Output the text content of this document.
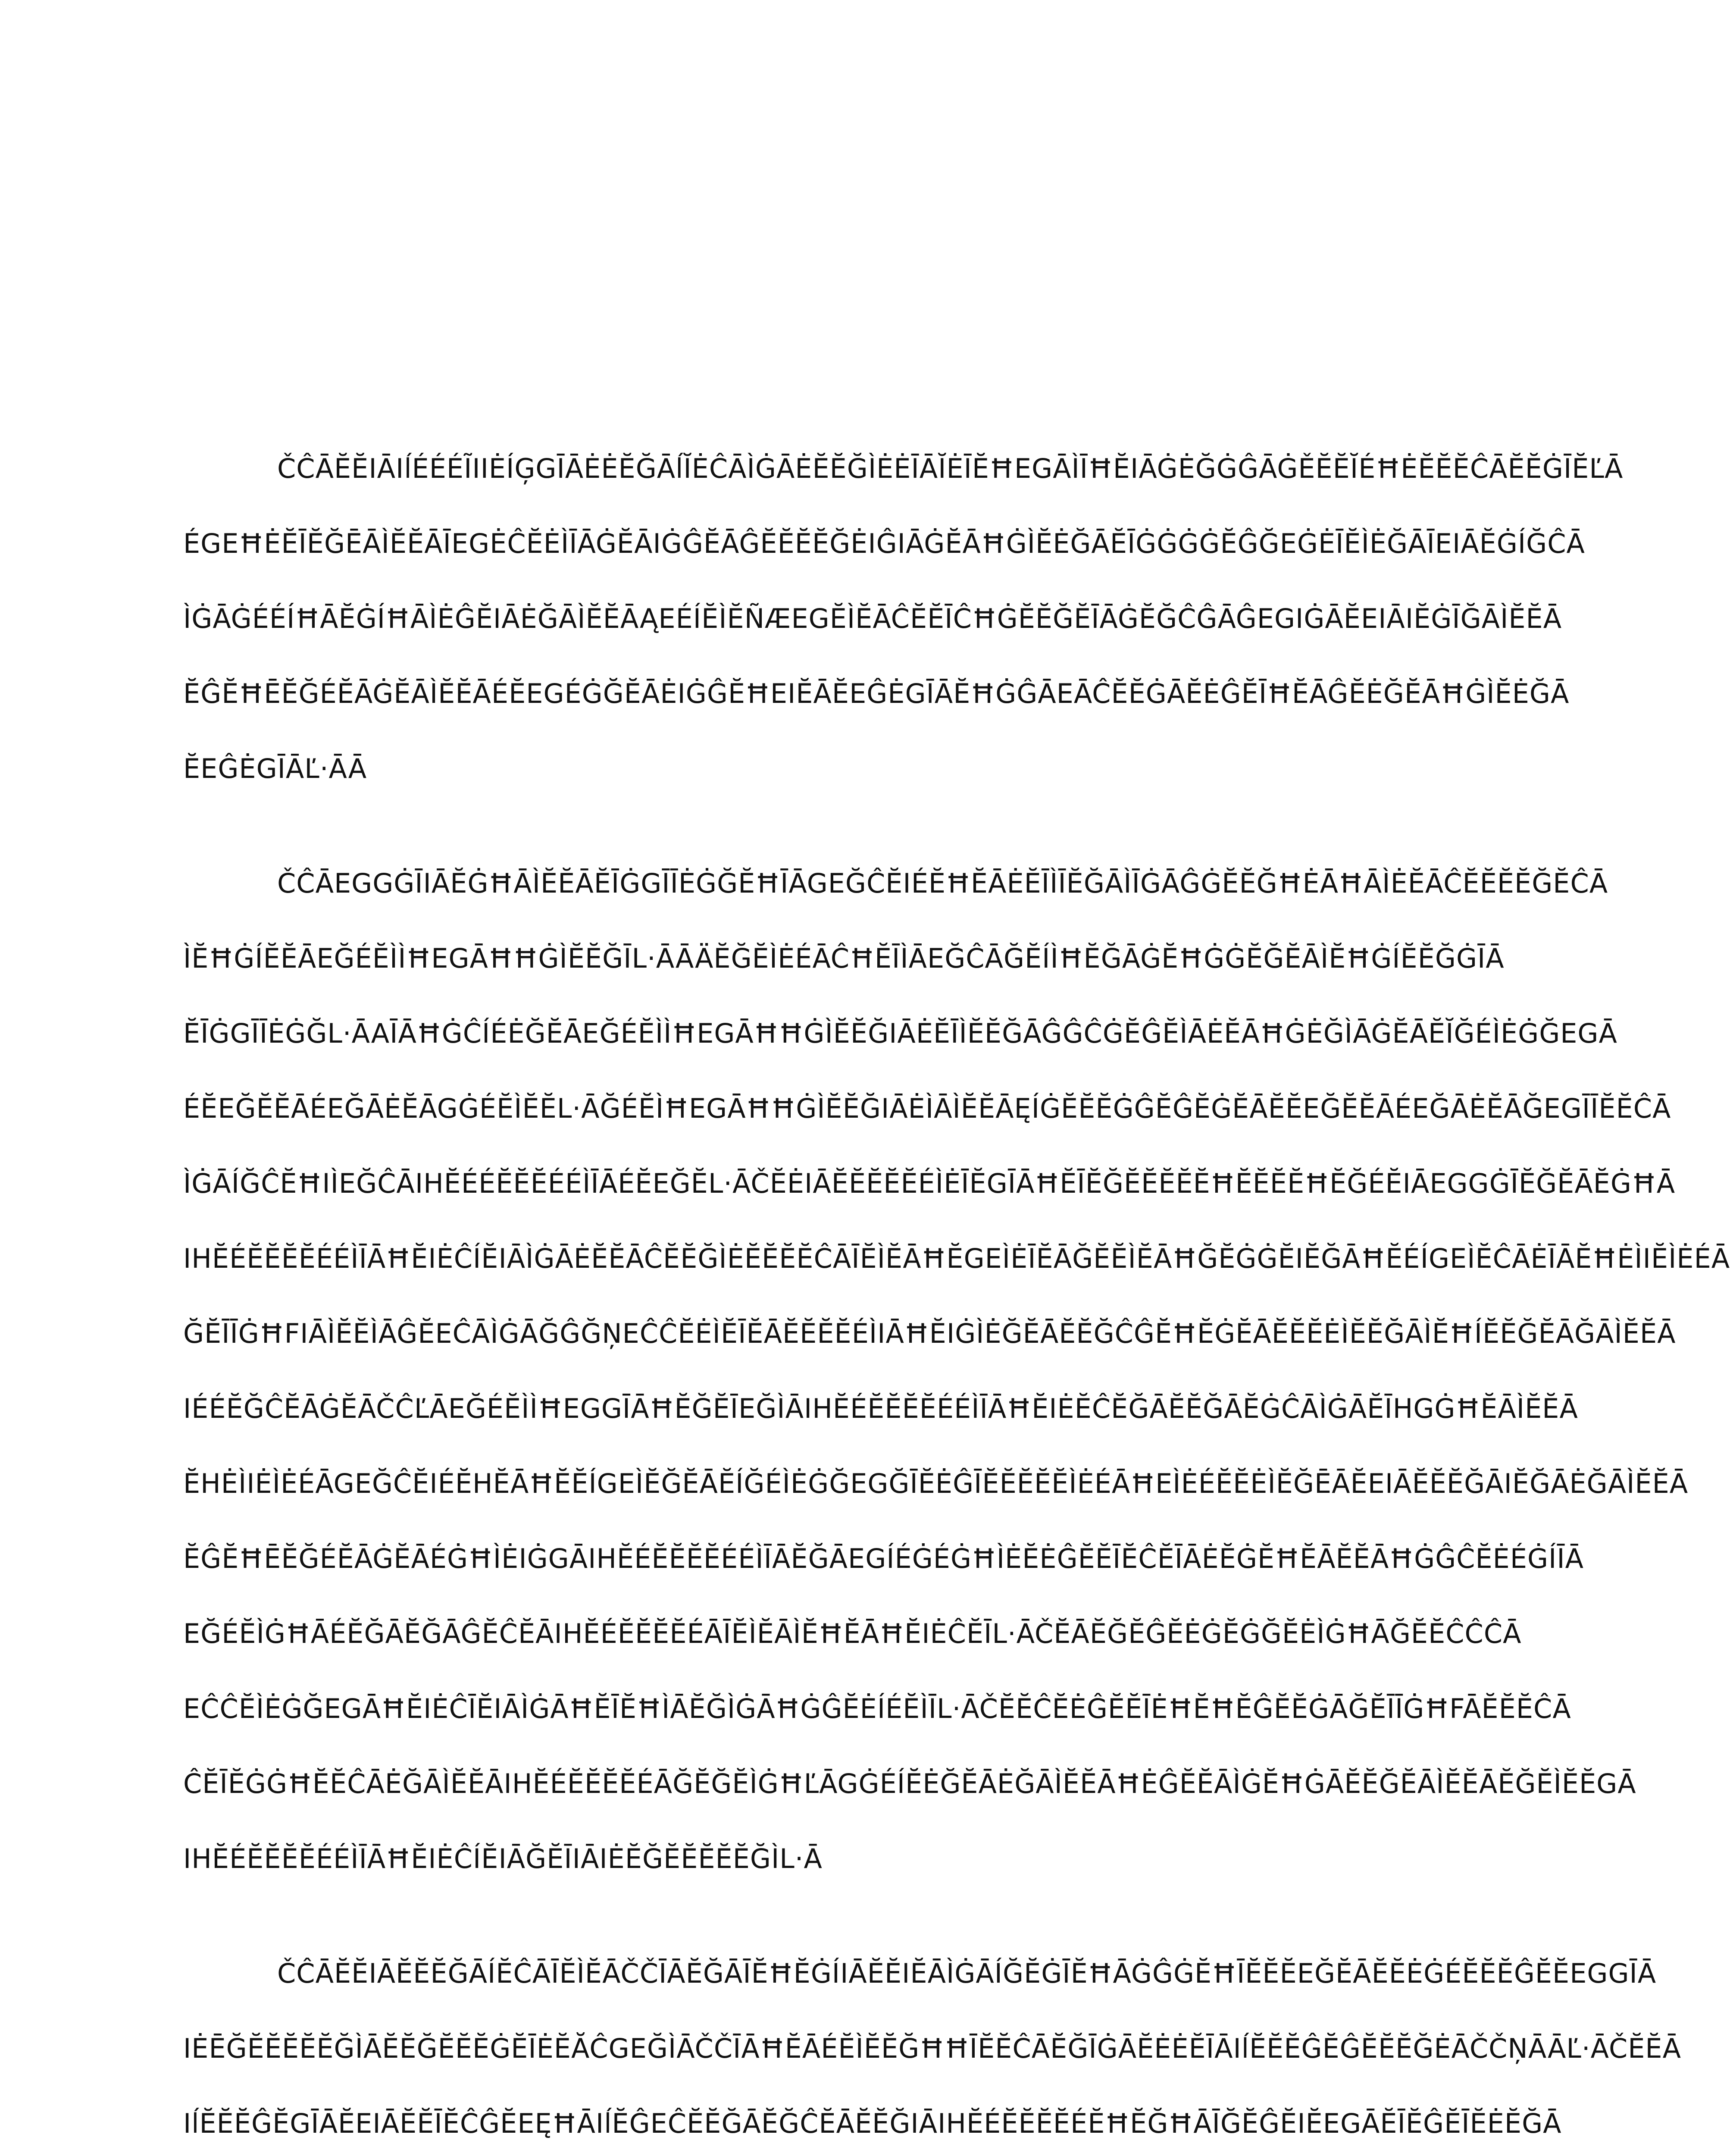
ČĈĀĔĔIĀIĺÉÉÉĨIIĖÍĢGĪĀĖĖĔĞĀĺĬĖĈĀÌĠĀĖĔĔĞÌĖĖĪĀĬĖĪĔĦEGĀÌĪĦĔIĀĠĖĞĠĜĀĠĚĔĔĬÉĦĖĔĔĔĈĀĔĔĠĪĔĽĀ
ÉGEĦĖĔĪĔĞĒĀÌĔĔĀĪEGĖĈĔĖÌĪĀĠĔĀIĠĜĔĀĜĔĔĔĔĞĖIĜIĀĠĔĀĦĠÌĔĖĞĀĔĪĠĠĠĠĔĜĞEĠĖĪĔÌĖĞĀĪEIĀĔĠÍĞĈĀ
ÌĠĀĠÉÉÍĦĀĔĠÍĦĀÌĖĜĔIĀĖĞĀÌĔĔĀĄEÉÍĔÌĔÑÆEGĔÌĔĀĈĔĔĪĈĦĠĔĔĞĔĪĀĠĔĞĈĜĀĜEGIĠĀĔEIĀIĔĠĪĞĀÌĔĔĀ
ĔĜĔĦĒĔĞÉĔĀĠĔĀÌĔĔĀÉĔEGÉĠĞĔĀĖIĠĜĔĦEIĔĀĔEĜĖGĪĀĔĦĠĜĀEĀĈĔĔĠĀĔĖĜĔĪĦĔĀĜĔĖĞĔĀĦĠÌĔĖĞĀ
ĔEĜĖGĪĀĽ·ĀĀ

ČĈĀEGGĠĪIĀĔĠĦĀÌĔĔĀĔĪĠGĪĪĖĠĞĔĦĪĀGEĞĈĔIÉĔĦĔĀĖĔĪÌĪĔĞĀÌĪĠĀĜĠĔĔĞĦĖĀĦĀÌĖĔĀĈĔĔĔĔĞĔĈĀ
ÌĔĦĠÍĔĔĀEĞÉĔÌÌĦEGĀĦĦĠÌĔĔĞĪL·ĀĀÄĔĞĔÌĖÉĀĈĦĔĪÌĀEĞĈĀĞĔÍÌĦĔĞĀĠĔĦĠĠĔĞĔĀÌĔĦĠÍĔĔĞĠĪĀ
ĔĪĠGĪĪĖĠĞL·ĀAĪĀĦĠĈÍÉĖĞĔĀEĞÉĔÌÌĦEGĀĦĦĠÌĔĔĞIĀĖĔĪÌĔĔĞĀĜĜĈĠĔĜĔÌĀĖĔĀĦĠĖĞÌĀĠĔĀĔĬĞÉÌĖĠĞEGĀ
ÉĔEĞĔĔĀÉEĞĀĖĔĀGĠÉĔÌĔĔL·ĀĞÉĔÌĦEGĀĦĦĠÌĔĔĞIĀĖÌĀÌĔĔĀĘÍĠĔĔĔĠĜĔĜĔĠĔĀĔĔEĞĔĔĀÉEĞĀĖĔĀĞEGĪĪĔĔĈĀ
ÌĠĀÍĞĈĔĦIÌEĞĈĀIHĔÉÉĔĔĔÉÉÌĪĀÉĔEĞĔL·ĀČĔĖIĀĔĔĔĔĔÉÌĖĪĔGĪĀĦĔĪĔĞĔĔĔĔĔĦĔĔĔĔĦĔĞÉĔIĀEGGĠĪĔĞĔĀĔĠĦĀ
IHĔÉĔĔĔĔÉÉÌĪĀĦĔIĖĈÍĔIĀÌĠĀĖĔĔĀĈĔĔĞÌĖĔĔĔĔĈĀĪĔÌĔĀĦĔGEÌĖĪĔĀĞĔĔÌĔĀĦĞĔĠĠĔIĔĞĀĦĔÉÍGEÌĔĈĀĖĪĀĔĦĖÌIĔÌĖÉĀ
ĞĔĪĪĠĦFIĀÌĔĔÌĀĜĔEĈĀÌĠĀĞĜĞŅEĈĈĔĖÌĔĪĔĀĔĔĔĔÉÌIĀĦĔIĠÌĖĞĔĀĔĔĞĈĜĔĦĔĠĔĀĔĔĔĖÌĔĔĞĀÌĔĦÍĔĔĞĔĀĞĀÌĔĔĀ
IÉÉĔĞĈĔĀĠĔĀČĈĽĀEĞÉĔÌÌĦEGGĪĀĦĔĞĔĪEĞÌĀIHĔÉĔĔĔĔÉÉÌĪĀĦĔIĖĔĈĔĞĀĔĔĞĀĔĠĈĀÌĠĀĔĪHGĠĦĔĀÌĔĔĀ
ĔHĖÌIĖÌĖÉĀGEĞĈĔIÉĔHĔĀĦĔĔÍGEÌĔĞĔĀĔÍĞÉÌĖĠĞEGĞĪĔĖĜĪĔĔĔĔĔÌĖÉĀĦEÌĖÉĔĔĖÌĔĞĒĀĔEIĀĔĔĔĞĀIĔĞĀĖĞĀÌĔĔĀ
ĔĜĔĦĒĔĞÉĔĀĠĔĀÉĠĦÌĖIĠGĀIHĔÉĔĔĔĔÉÉÌĪĀĔĞĀEGÍÉĠÉĠĦÌĖĔĖĜĔĔĪĔĈĔĪĀĖĔĠĔĦĔĀĔĔĀĦĠĜĈĔĖÉĠÍĪĀ
EĞÉĔÌĠĦĀÉĔĞĀĔĞĀĜĔĈĔĀIHĔÉĔĔĔĔÉĀĪĔÌĔĀÌĔĦĔĀĦĔIĖĈĔĪL·ĀČĔĀĔĞĔĜĔĖĠĔĠĞĔĖÌĠĦĀĞĔĔĈĈĈĀ
EĈĈĔÌĖĠĞEGĀĦĔIĖĈĪĔIĀÌĠĀĦĔĪĔĦÌĀĔĞÌĠĀĦĠĜĔĖÍÉĔÌĪL·ĀČĔĔĈĔĖĜĔĔĪĖĦĔĦĔĜĔĔĠĀĞĔĪĪĠĦFĀĔĔĔĈĀ
ĈĔĪĔĠĠĦĔĔĈĀĖĞĀÌĔĔĀIHĔÉĔĔĔĔÉĀĞĔĞĔÌĠĦĽĀGĠÉÍĔĖĞĔĀĖĞĀÌĔĔĀĦĖĜĔĔĀÌĠĔĦĠĀĔĔĞĔĀÌĔĔĀĔĞĔÌĔĔGĀ
IHĔÉĔĔĔĔÉÉÌĪĀĦĔIĖĈÍĔIĀĞĔĪIĀIĖĔĞĔĔĔĔĔĞÌL·Ā

ČĈĀĔĔIĀĔĔĔĞĀÍĔĈĀĪĔÌĔĀČČĪĀĔĞĀĪĔĦĔĠÍIĀĔĔIĔĀÌĠĀÍĞĔĠĪĔĦĀĠĜĠĔĦĪĔĔĔEĞĔĀĔĔĖĠÉĔĔĔĜĔĔEGGĪĀ
IĖĒĞĔĔĔĔĔĞÌĀĔĔĞĔĔĔĠĔĪĖĔĂĈGEĞÌĀČČĪĀĦĔĀÉĔÌĔĔĞĦĦĪĔĔĈĀĔĞĪĠĀĔĖĖĔĪĀIĺĔĔĔĜĔĜĔĔĔĞĖĀČČŅĀĀĽ·ĀČĔĔĀ
IĺĔĔĔĜĔGĪĀĔEIĀĔĔĪĔĈĜĔEĘĦĀIĺĔĜEĈĔĔĞĀĔĞĈĔĀĔĔĞIĀIHĔÉĔĔĔĔÉĔĦĔĞĦĀĪĞĔĜĔIĔEGĀĔĪĔĜĔĪĔĖĔĞĀ
